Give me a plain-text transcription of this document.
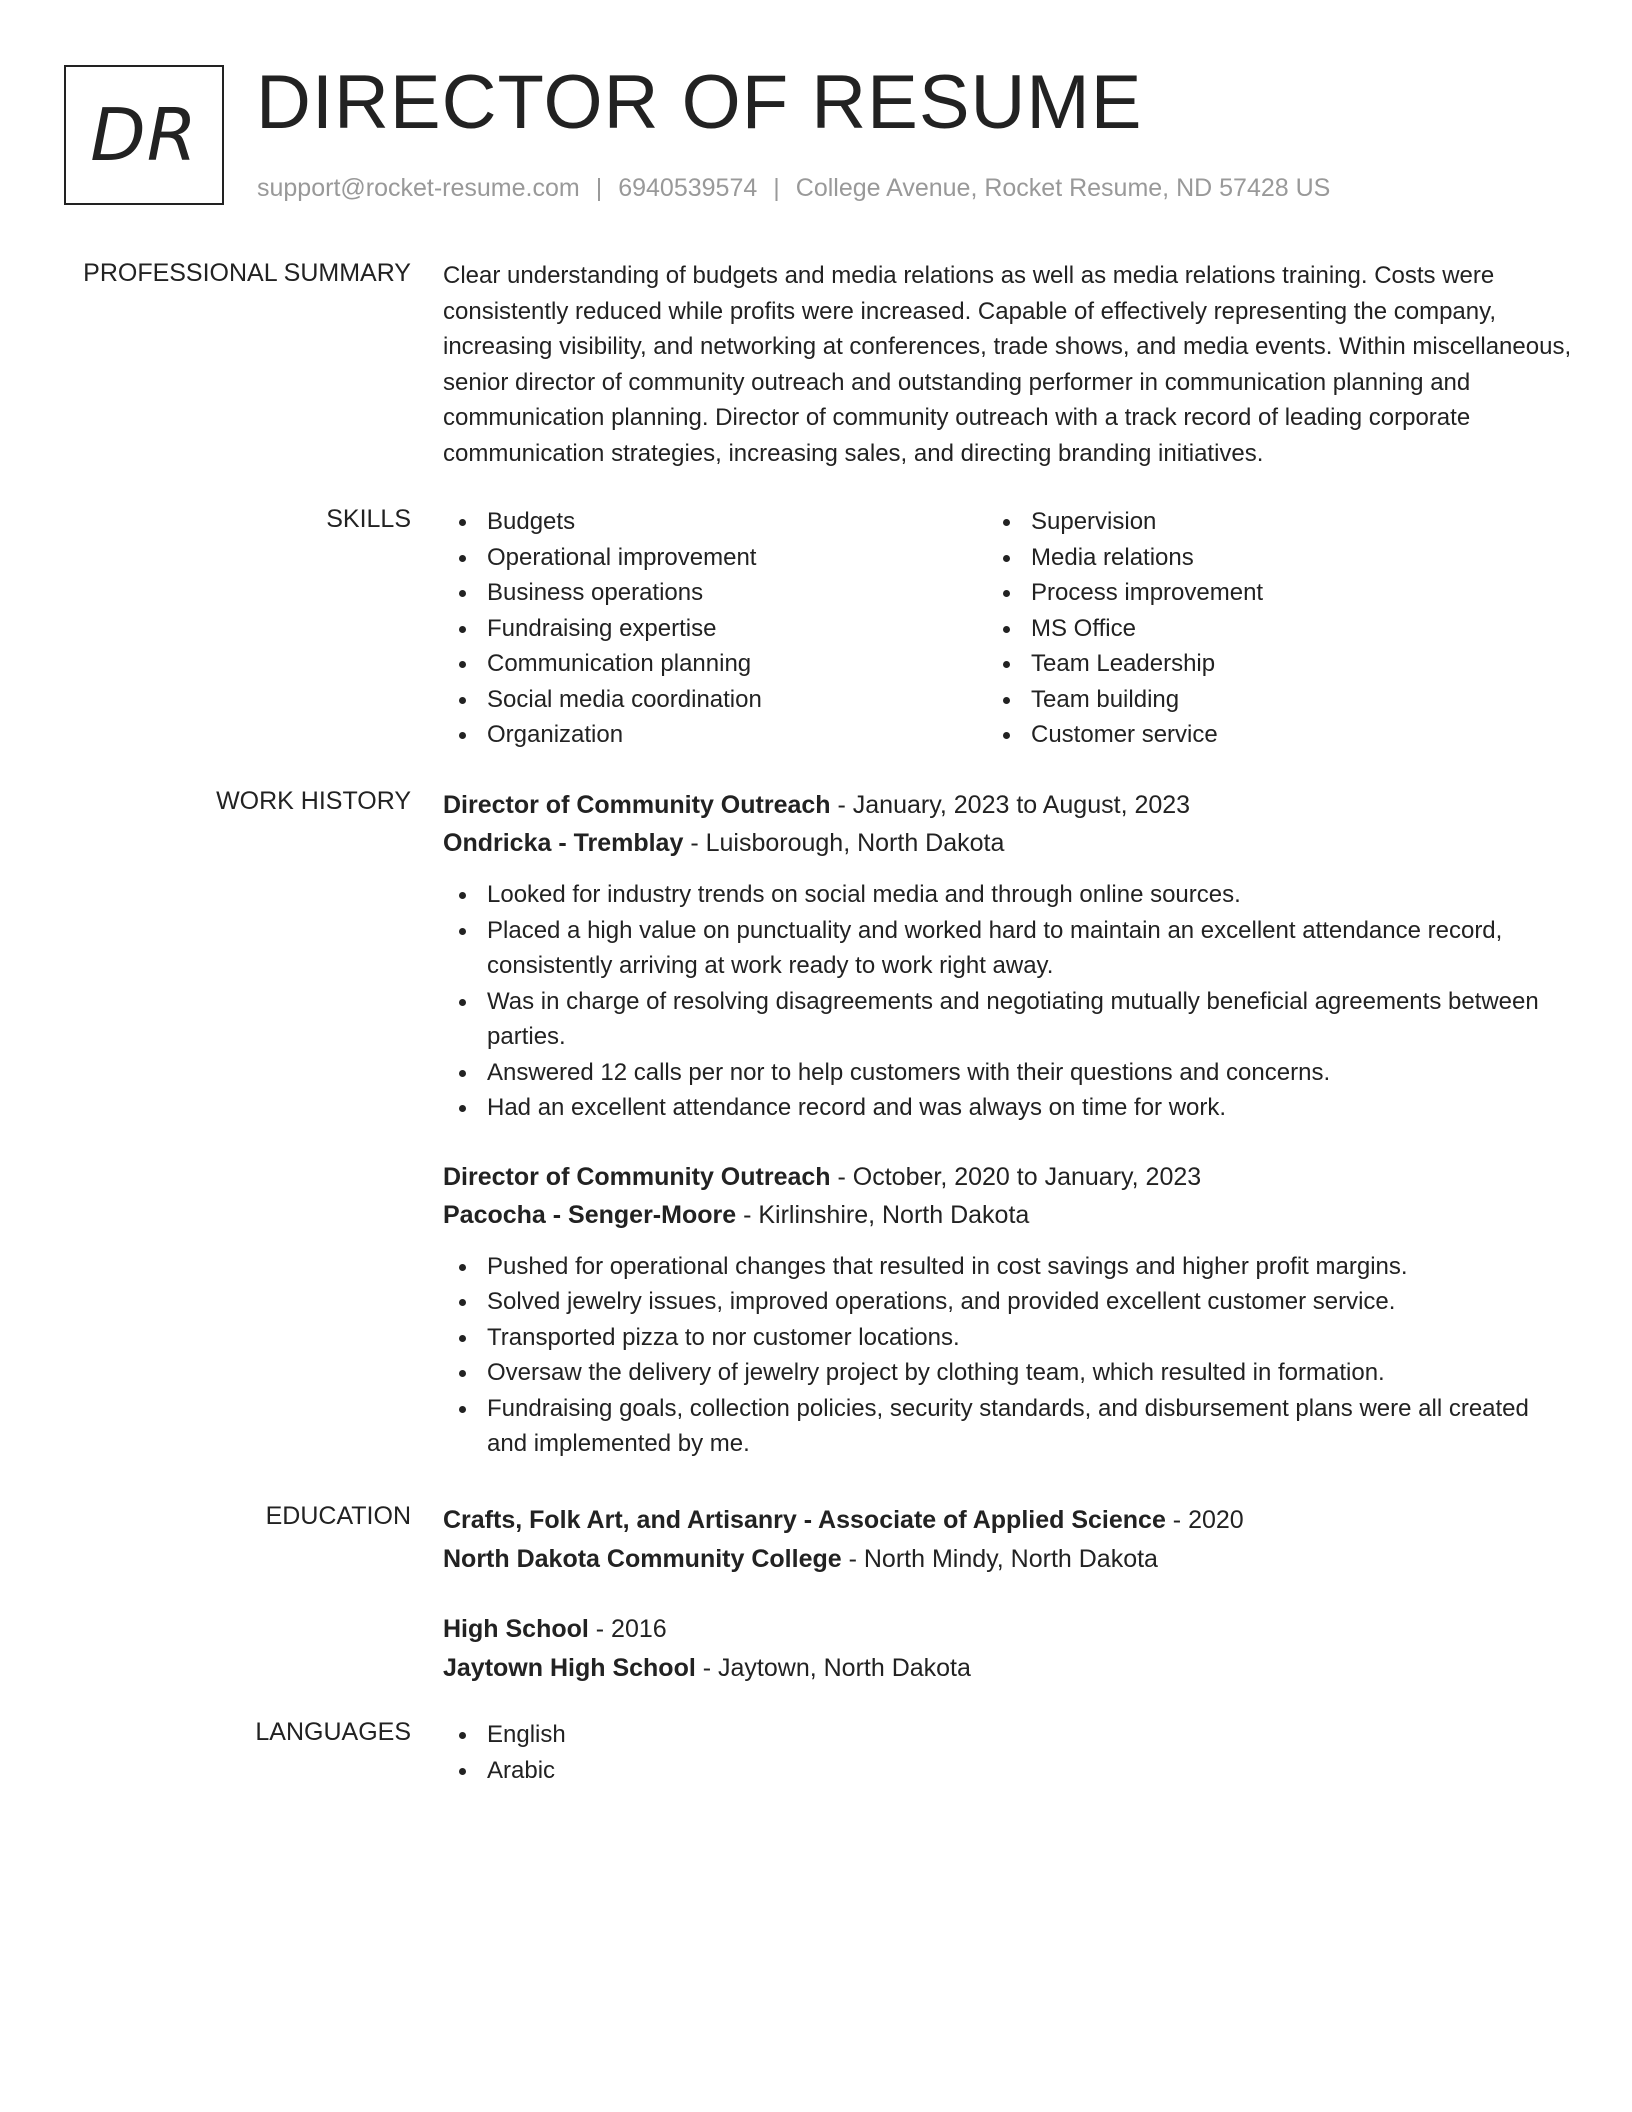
DR DIRECTOR OF RESUME
support@rocket-resume.com | 6940539574 | College Avenue, Rocket Resume, ND 57428 US
PROFESSIONAL SUMMARY Clear understanding of budgets and media relations as well as media relations training. Costs were consistently reduced while profits were increased. Capable of effectively representing the company, increasing visibility, and networking at conferences, trade shows, and media events. Within miscellaneous, senior director of community outreach and outstanding performer in communication planning and communication planning. Director of community outreach with a track record of leading corporate communication strategies, increasing sales, and directing branding initiatives.

SKILLS	Budgets
Operational improvement
Business operations
Fundraising expertise
Communication planning
Social media coordination
Organization
Supervision
Media relations
Process improvement
MS Office
Team Leadership
Team building
Customer service
WORK HISTORY Director of Community Outreach - January, 2023 to August, 2023
Ondricka - Tremblay - Luisborough, North Dakota
Looked for industry trends on social media and through online sources.
Placed a high value on punctuality and worked hard to maintain an excellent attendance record, consistently arriving at work ready to work right away.
Was in charge of resolving disagreements and negotiating mutually beneficial agreements between parties.
Answered 12 calls per nor to help customers with their questions and concerns.
Had an excellent attendance record and was always on time for work.
Director of Community Outreach - October, 2020 to January, 2023
Pacocha - Senger-Moore - Kirlinshire, North Dakota
Pushed for operational changes that resulted in cost savings and higher profit margins.
Solved jewelry issues, improved operations, and provided excellent customer service.
Transported pizza to nor customer locations.
Oversaw the delivery of jewelry project by clothing team, which resulted in formation.
Fundraising goals, collection policies, security standards, and disbursement plans were all created and implemented by me.
EDUCATION Crafts, Folk Art, and Artisanry - Associate of Applied Science - 2020
North Dakota Community College - North Mindy, North Dakota
High School - 2016
Jaytown High School - Jaytown, North Dakota
LANGUAGES	English
Arabic
